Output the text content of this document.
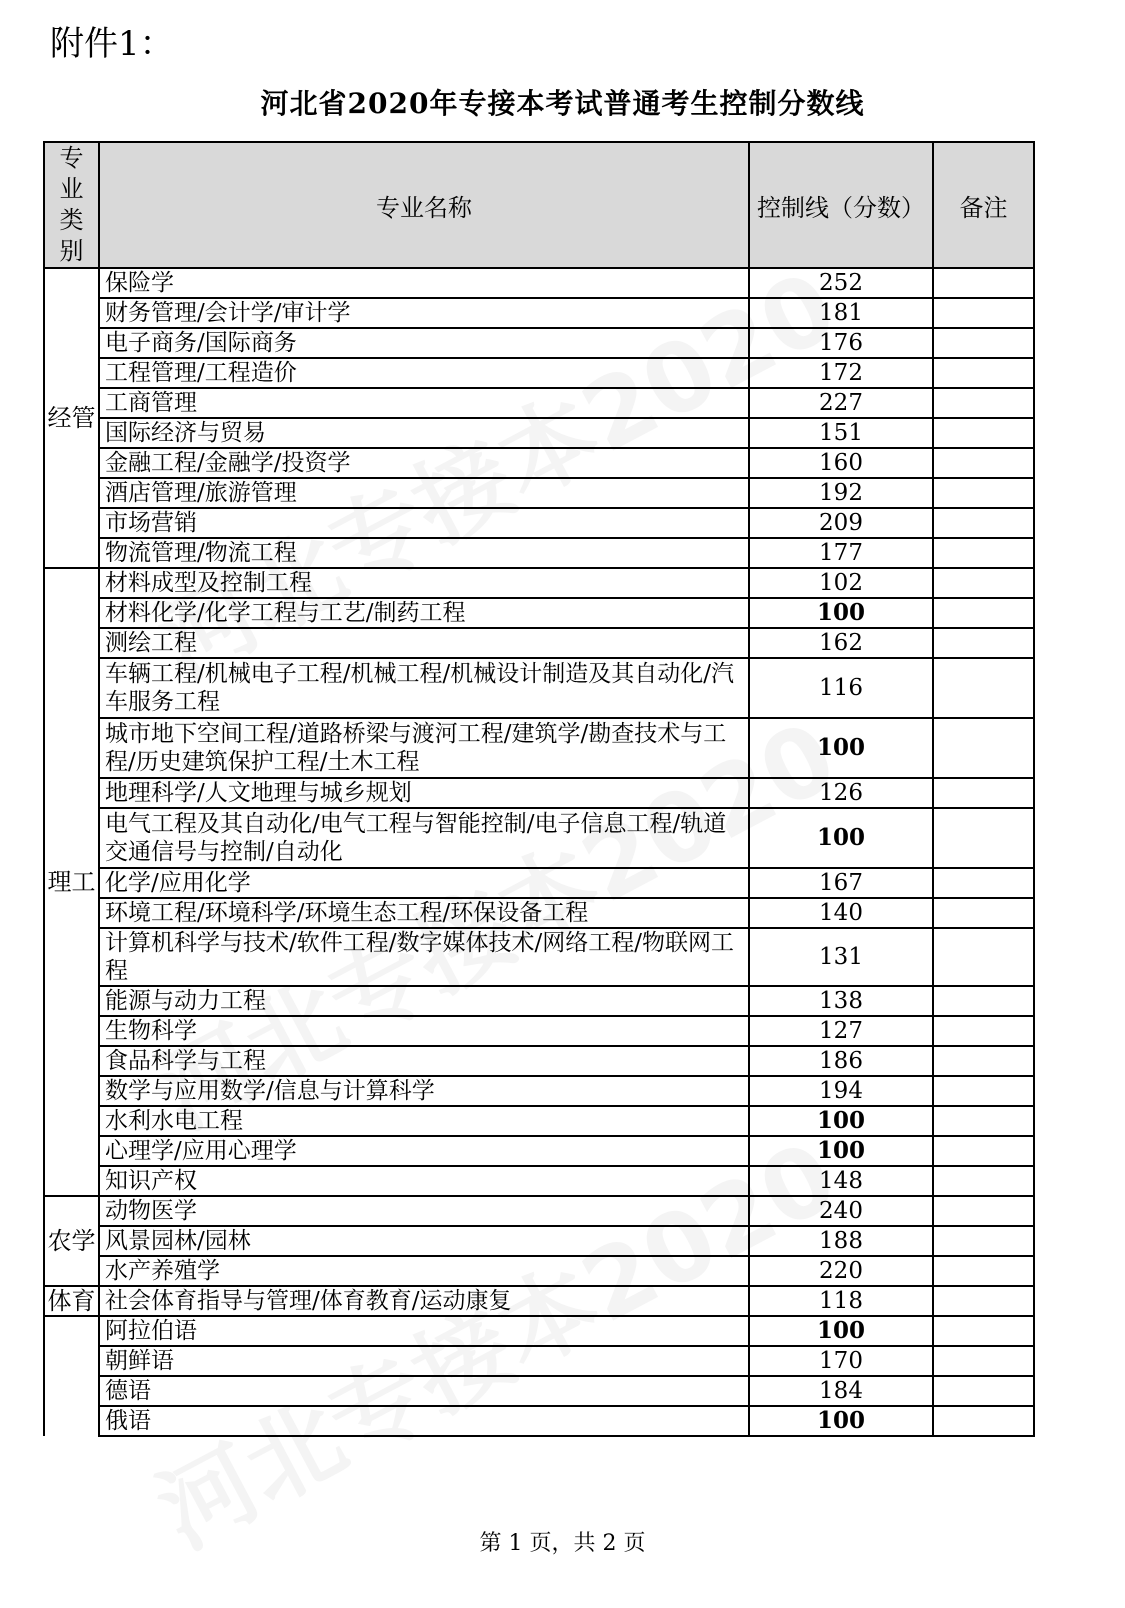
附件1：
河北省2020年专接本考试普通考生控制分数线
专
业
类
别	专业名称	控制线（分数）	备注
经管	保险学	252	
	财务管理/会计学/审计学	181	
	电子商务/国际商务	176	
	工程管理/工程造价	172	
	工商管理	227	
	国际经济与贸易	151	
	金融工程/金融学/投资学	160	
	酒店管理/旅游管理	192	
	市场营销	209	
	物流管理/物流工程	177	
理工	材料成型及控制工程	102	
	材料化学/化学工程与工艺/制药工程	100	
	测绘工程	162	
	车辆工程/机械电子工程/机械工程/机械设计制造及其自动化/汽车服务工程	116	
	城市地下空间工程/道路桥梁与渡河工程/建筑学/勘查技术与工程/历史建筑保护工程/土木工程	100	
	地理科学/人文地理与城乡规划	126	
	电气工程及其自动化/电气工程与智能控制/电子信息工程/轨道交通信号与控制/自动化	100	
	化学/应用化学	167	
	环境工程/环境科学/环境生态工程/环保设备工程	140	
	计算机科学与技术/软件工程/数字媒体技术/网络工程/物联网工程	131	
	能源与动力工程	138	
	生物科学	127	
	食品科学与工程	186	
	数学与应用数学/信息与计算科学	194	
	水利水电工程	100	
	心理学/应用心理学	100	
	知识产权	148	
农学	动物医学	240	
	风景园林/园林	188	
	水产养殖学	220	
体育	社会体育指导与管理/体育教育/运动康复	118	
	阿拉伯语	100	
	朝鲜语	170	
	德语	184	
	俄语	100	
第 1 页，共 2 页
